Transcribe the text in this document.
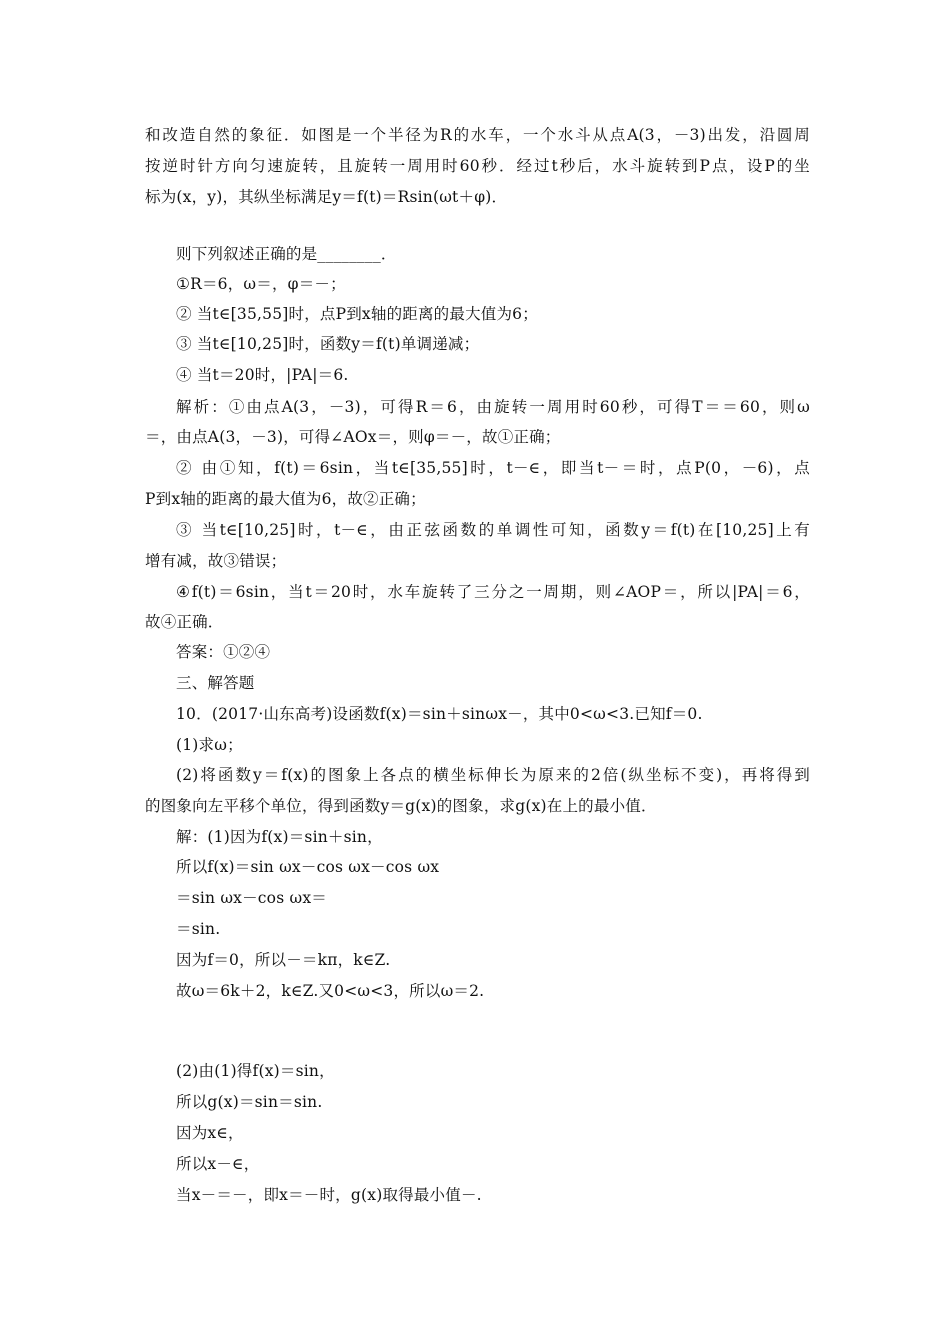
和改造自然的象征．如图是一个半径为R的水车，一个水斗从点A(3，－3)出发，沿圆周
按逆时针方向匀速旋转，且旋转一周用时60秒．经过t秒后，水斗旋转到P点，设P的坐
标为(x，y)，其纵坐标满足y＝f(t)＝Rsin(ωt＋φ)．
则下列叙述正确的是________．
①R＝6，ω＝，φ＝－；
② 当t∈[35,55]时，点P到x轴的距离的最大值为6；
③ 当t∈[10,25]时，函数y＝f(t)单调递减；
④ 当t＝20时，|PA|＝6.
解析：①由点A(3，－3)，可得R＝6，由旋转一周用时60秒，可得T＝＝60，则ω
＝，由点A(3，－3)，可得∠AOx＝，则φ＝－，故①正确；
② 由①知，f(t)＝6sin，当t∈[35,55]时，t－∈，即当t－＝时，点P(0，－6)，点
P到x轴的距离的最大值为6，故②正确；
③ 当t∈[10,25]时，t－∈，由正弦函数的单调性可知，函数y＝f(t)在[10,25]上有
增有减，故③错误；
④f(t)＝6sin，当t＝20时，水车旋转了三分之一周期，则∠AOP＝，所以|PA|＝6，
故④正确．
答案：①②④
三、解答题
10．(2017·山东高考)设函数f(x)＝sin＋sinωx－，其中0<ω<3.已知f＝0.
(1)求ω；
(2)将函数y＝f(x)的图象上各点的横坐标伸长为原来的2倍(纵坐标不变)，再将得到
的图象向左平移个单位，得到函数y＝g(x)的图象，求g(x)在上的最小值．
解：(1)因为f(x)＝sin＋sin，
所以f(x)＝sin ωx－cos ωx－cos ωx
＝sin ωx－cos ωx＝
＝sin.
因为f＝0，所以－＝kπ，k∈Z.
故ω＝6k＋2，k∈Z.又0<ω<3，所以ω＝2.
(2)由(1)得f(x)＝sin，
所以g(x)＝sin＝sin.
因为x∈，
所以x－∈，
当x－＝－，即x＝－时，g(x)取得最小值－.
